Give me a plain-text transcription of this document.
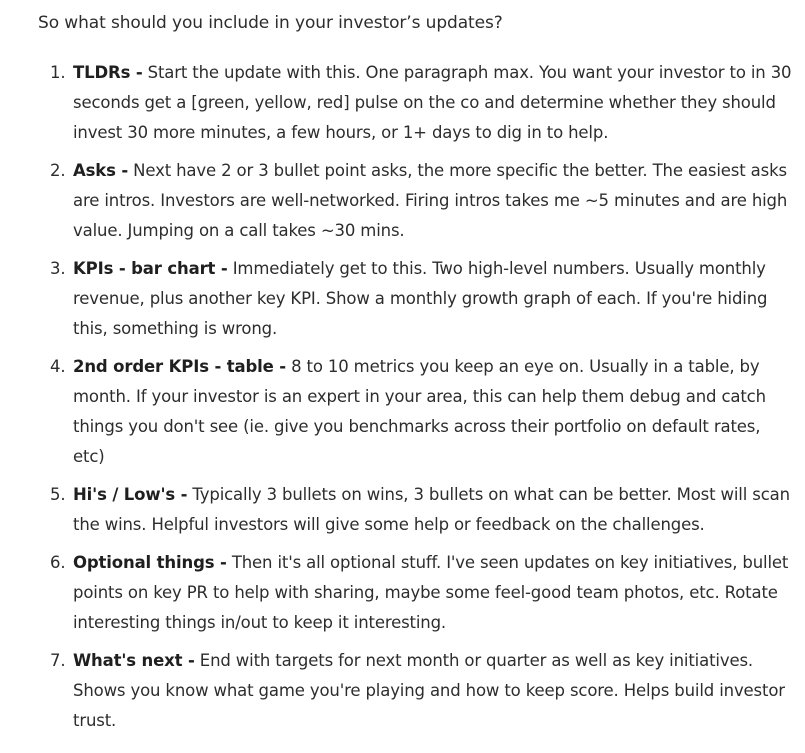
So what should you include in your investor’s updates?

1. TLDRs - Start the update with this. One paragraph max. You want your investor to in 30 seconds get a [green, yellow, red] pulse on the co and determine whether they should invest 30 more minutes, a few hours, or 1+ days to dig in to help.
2. Asks - Next have 2 or 3 bullet point asks, the more specific the better. The easiest asks are intros. Investors are well-networked. Firing intros takes me ~5 minutes and are high value. Jumping on a call takes ~30 mins.
3. KPIs - bar chart - Immediately get to this. Two high-level numbers. Usually monthly revenue, plus another key KPI. Show a monthly growth graph of each. If you're hiding this, something is wrong.
4. 2nd order KPIs - table - 8 to 10 metrics you keep an eye on. Usually in a table, by month. If your investor is an expert in your area, this can help them debug and catch things you don't see (ie. give you benchmarks across their portfolio on default rates, etc)
5. Hi's / Low's - Typically 3 bullets on wins, 3 bullets on what can be better. Most will scan the wins. Helpful investors will give some help or feedback on the challenges.
6. Optional things - Then it's all optional stuff. I've seen updates on key initiatives, bullet points on key PR to help with sharing, maybe some feel-good team photos, etc. Rotate interesting things in/out to keep it interesting.
7. What's next - End with targets for next month or quarter as well as key initiatives. Shows you know what game you're playing and how to keep score. Helps build investor trust.
